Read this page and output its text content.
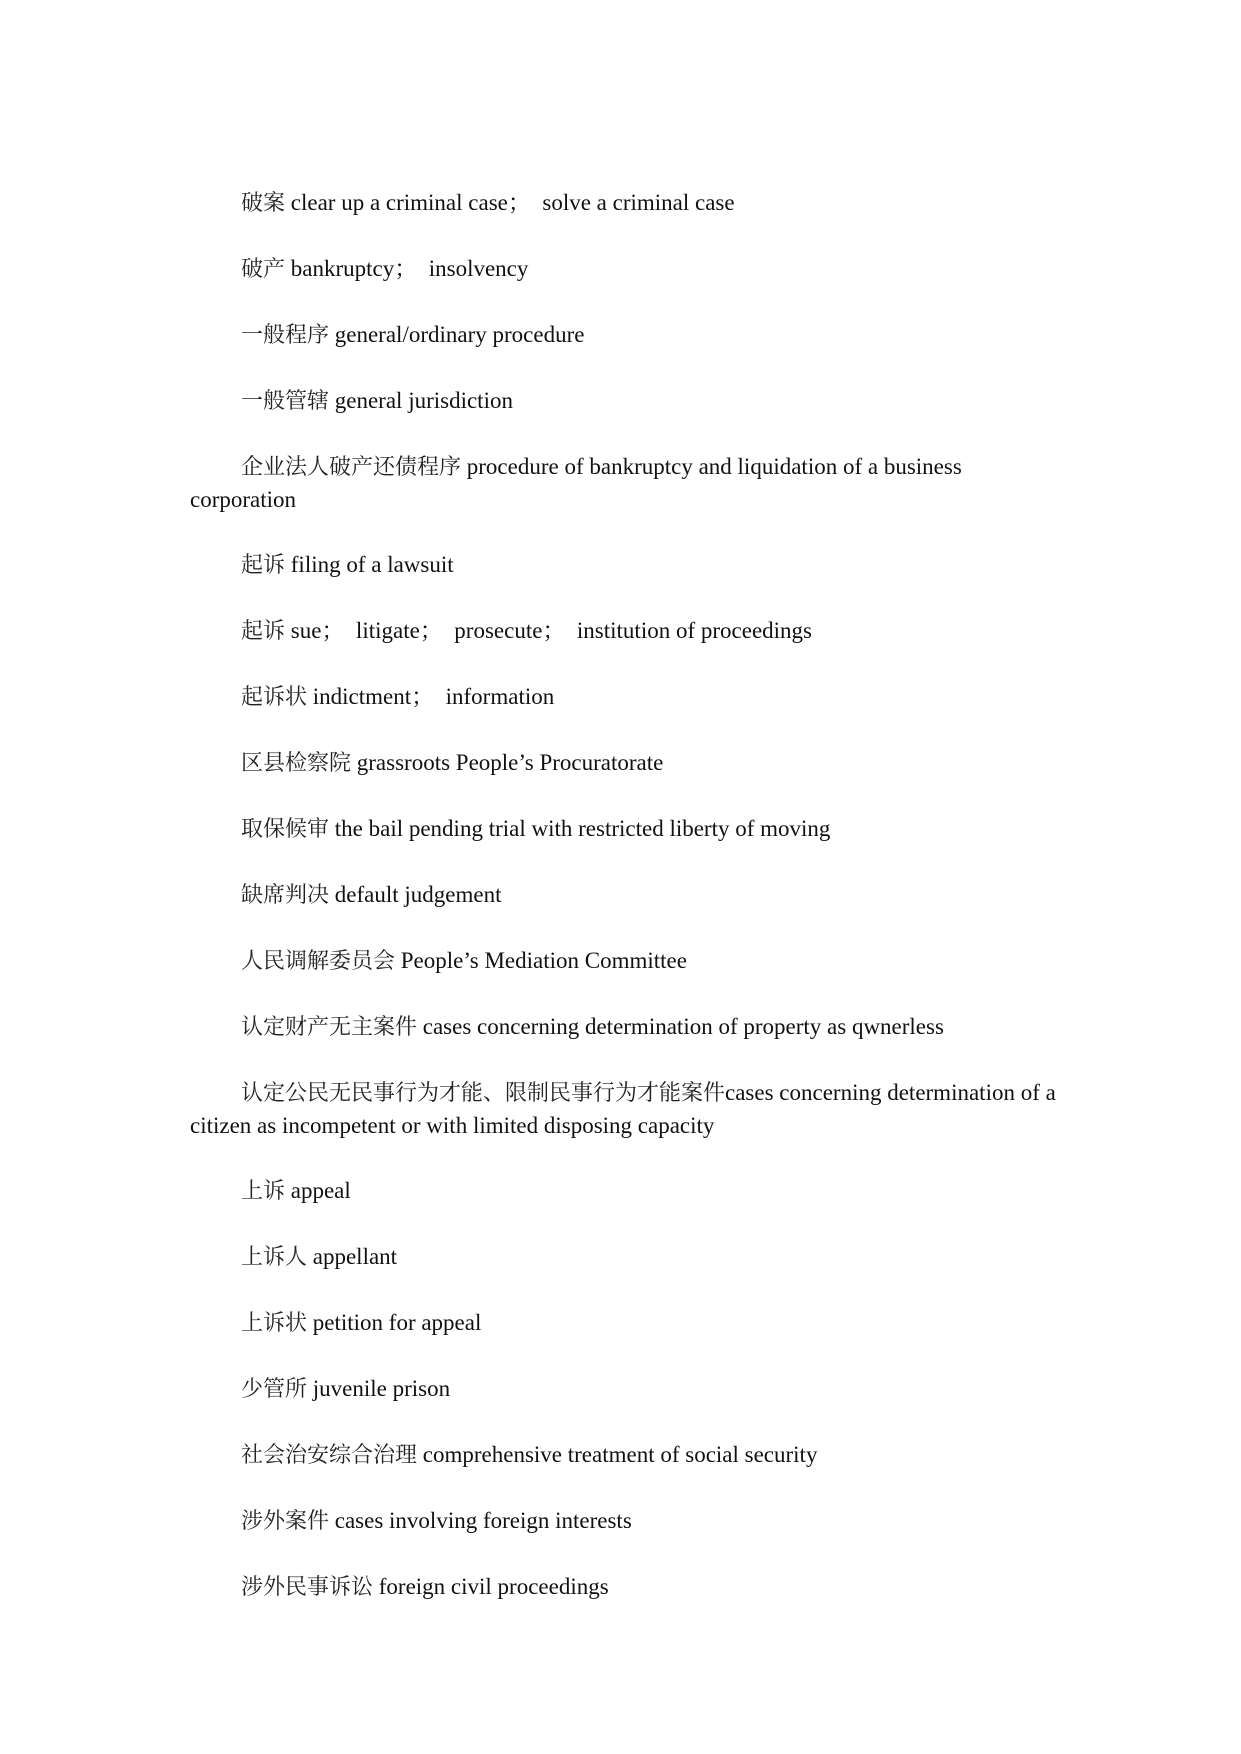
破案 clear up a criminal case；　solve a criminal case

破产 bankruptcy；　insolvency

一般程序 general/ordinary procedure

一般管辖 general jurisdiction

企业法人破产还债程序 procedure of bankruptcy and liquidation of a business corporation

起诉 filing of a lawsuit

起诉 sue；　litigate；　prosecute；　institution of proceedings

起诉状 indictment；　information

区县检察院 grassroots People’s Procuratorate

取保候审 the bail pending trial with restricted liberty of moving

缺席判决 default judgement

人民调解委员会 People’s Mediation Committee

认定财产无主案件 cases concerning determination of property as qwnerless

认定公民无民事行为才能、限制民事行为才能案件cases concerning determination of a citizen as incompetent or with limited disposing capacity

上诉 appeal

上诉人 appellant

上诉状 petition for appeal

少管所 juvenile prison

社会治安综合治理 comprehensive treatment of social security

涉外案件 cases involving foreign interests

涉外民事诉讼 foreign civil proceedings
